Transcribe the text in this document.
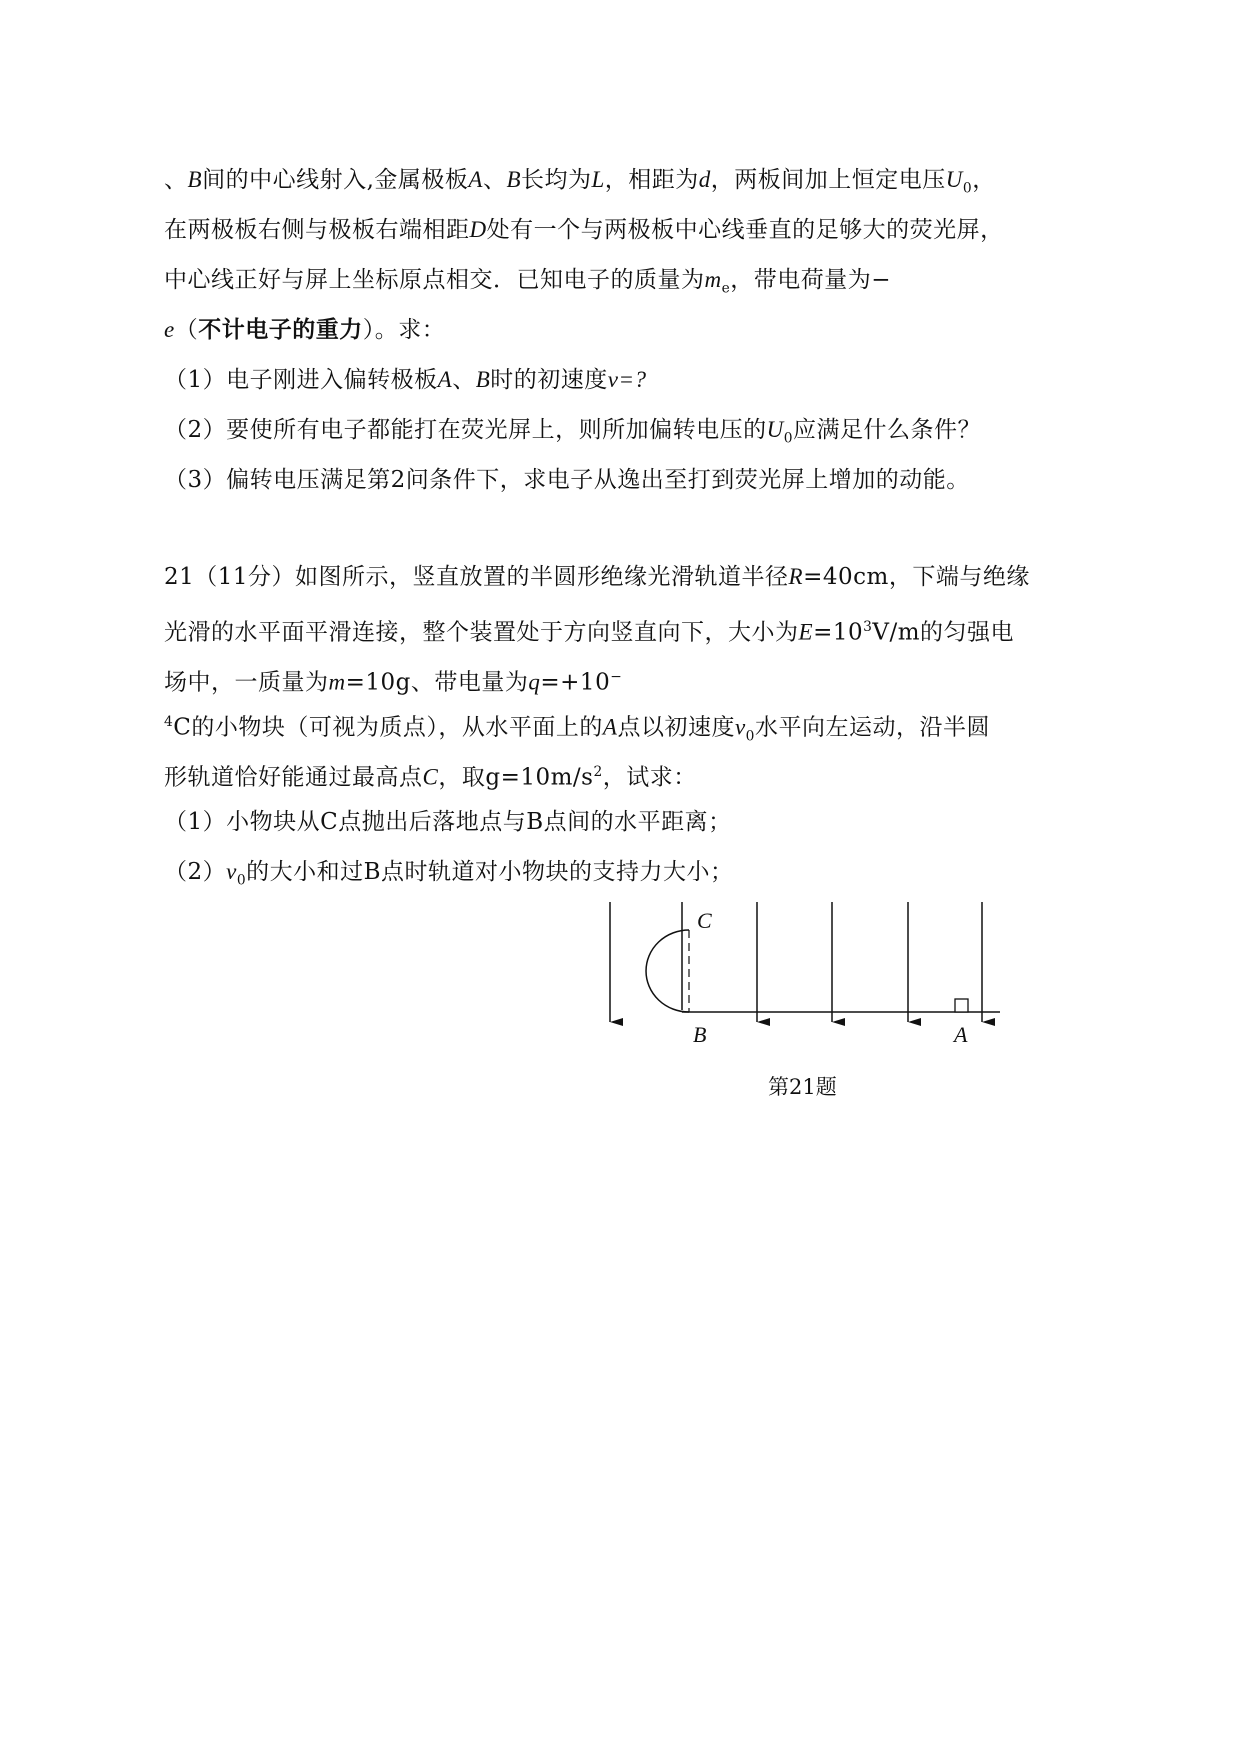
、B间的中心线射入,金属极板A、B长均为L，相距为d，两板间加上恒定电压$U_0$，
在两极板右侧与极板右端相距D处有一个与两极板中心线垂直的足够大的荧光屏，
中心线正好与屏上坐标原点相交．已知电子的质量为$m_e$，带电荷量为−
e（不计电子的重力）。求：
（1）电子刚进入偏转极板A、B时的初速度v=?
（2）要使所有电子都能打在荧光屏上，则所加偏转电压的$U_0$应满足什么条件？
（3）偏转电压满足第2问条件下，求电子从逸出至打到荧光屏上增加的动能。
21（11分）如图所示，竖直放置的半圆形绝缘光滑轨道半径R=40cm，下端与绝缘
光滑的水平面平滑连接，整个装置处于方向竖直向下，大小为$E=10^3V/m$的匀强电
场中，一质量为m=10g、带电量为q=+10−
$^4$C的小物块（可视为质点），从水平面上的A点以初速度$v_0$水平向左运动，沿半圆
形轨道恰好能通过最高点C，取$g=10m/s^2$，试求：
（1）小物块从C点抛出后落地点与B点间的水平距离；
$(2)v_0$的大小和过B点时轨道对小物块的支持力大小；
C
B	A
第21题
